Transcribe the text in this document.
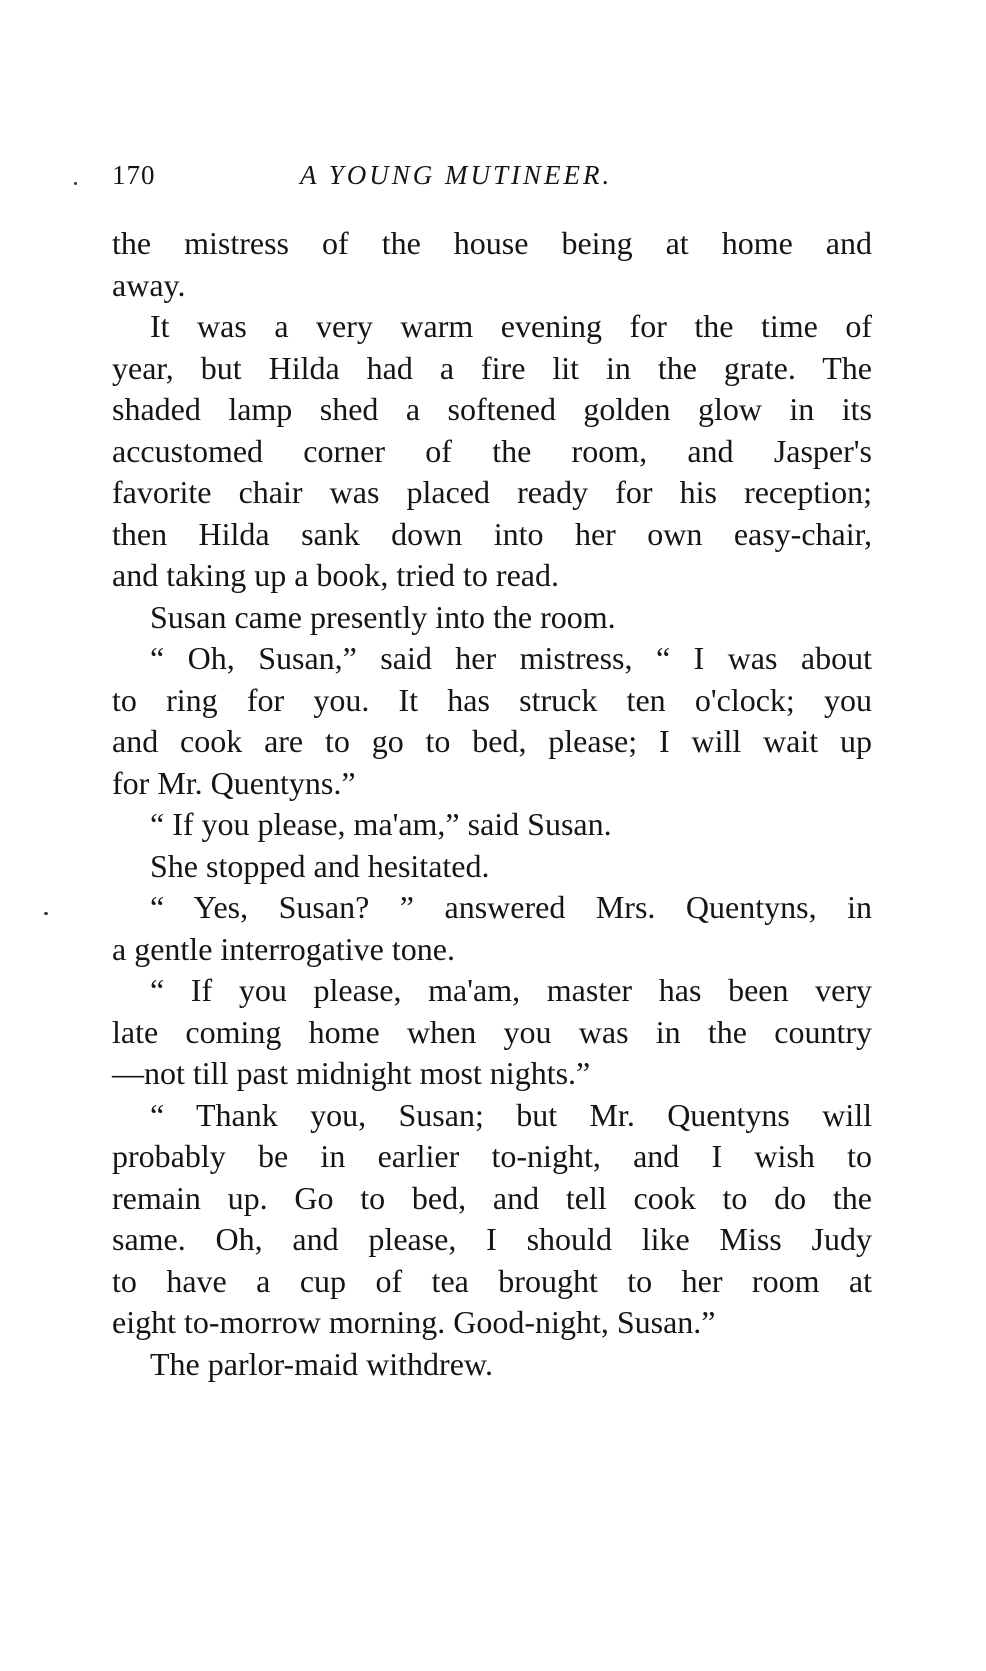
170	A YOUNG MUTINEER.

the mistress of the house being at home and
away.

It was a very warm evening for the time of
year, but Hilda had a fire lit in the grate. The
shaded lamp shed a softened golden glow in its
accustomed corner of the room, and Jasper's
favorite chair was placed ready for his reception;
then Hilda sank down into her own easy-chair,
and taking up a book, tried to read.

Susan came presently into the room.

“ Oh, Susan,” said her mistress, “ I was about
to ring for you. It has struck ten o'clock; you
and cook are to go to bed, please; I will wait up
for Mr. Quentyns.”

“ If you please, ma'am,” said Susan.

She stopped and hesitated.

“ Yes, Susan? ” answered Mrs. Quentyns, in
a gentle interrogative tone.

“ If you please, ma'am, master has been very
late coming home when you was in the country
—not till past midnight most nights.”

“ Thank you, Susan; but Mr. Quentyns will
probably be in earlier to-night, and I wish to
remain up. Go to bed, and tell cook to do the
same. Oh, and please, I should like Miss Judy
to have a cup of tea brought to her room at
eight to-morrow morning. Good-night, Susan.”

The parlor-maid withdrew.
